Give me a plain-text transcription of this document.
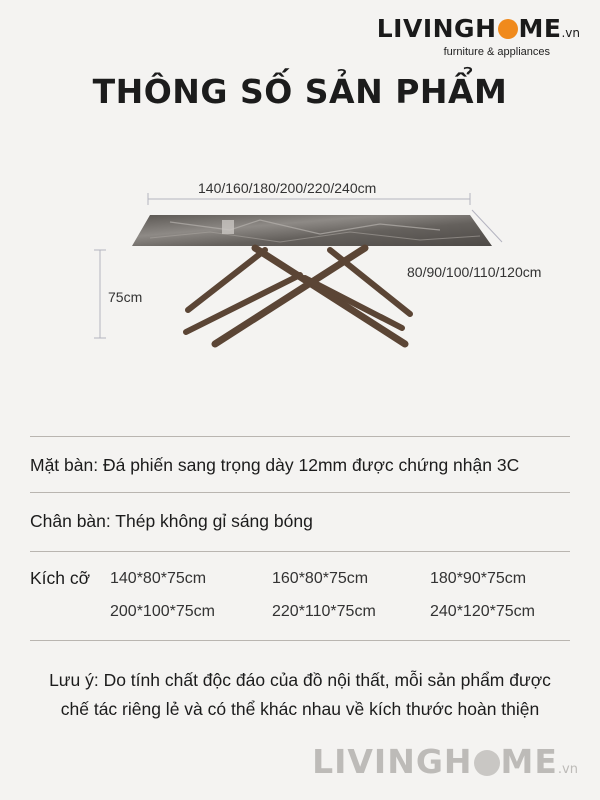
LIVINGH ME.vn
furniture & appliances
THÔNG SỐ SẢN PHẨM
140/160/180/200/220/240cm
80/90/100/110/120cm
75cm
Mặt bàn: Đá phiến sang trọng dày 12mm được chứng nhận 3C
Chân bàn: Thép không gỉ sáng bóng
Kích cỡ 140*80*75cm	160*80*75cm	180*90*75cm
200*100*75cm	220*110*75cm	240*120*75cm
Lưu ý: Do tính chất độc đáo của đồ nội thất, mỗi sản phẩm được
chế tác riêng lẻ và có thể khác nhau về kích thước hoàn thiện
LIVINGH ME.vn
